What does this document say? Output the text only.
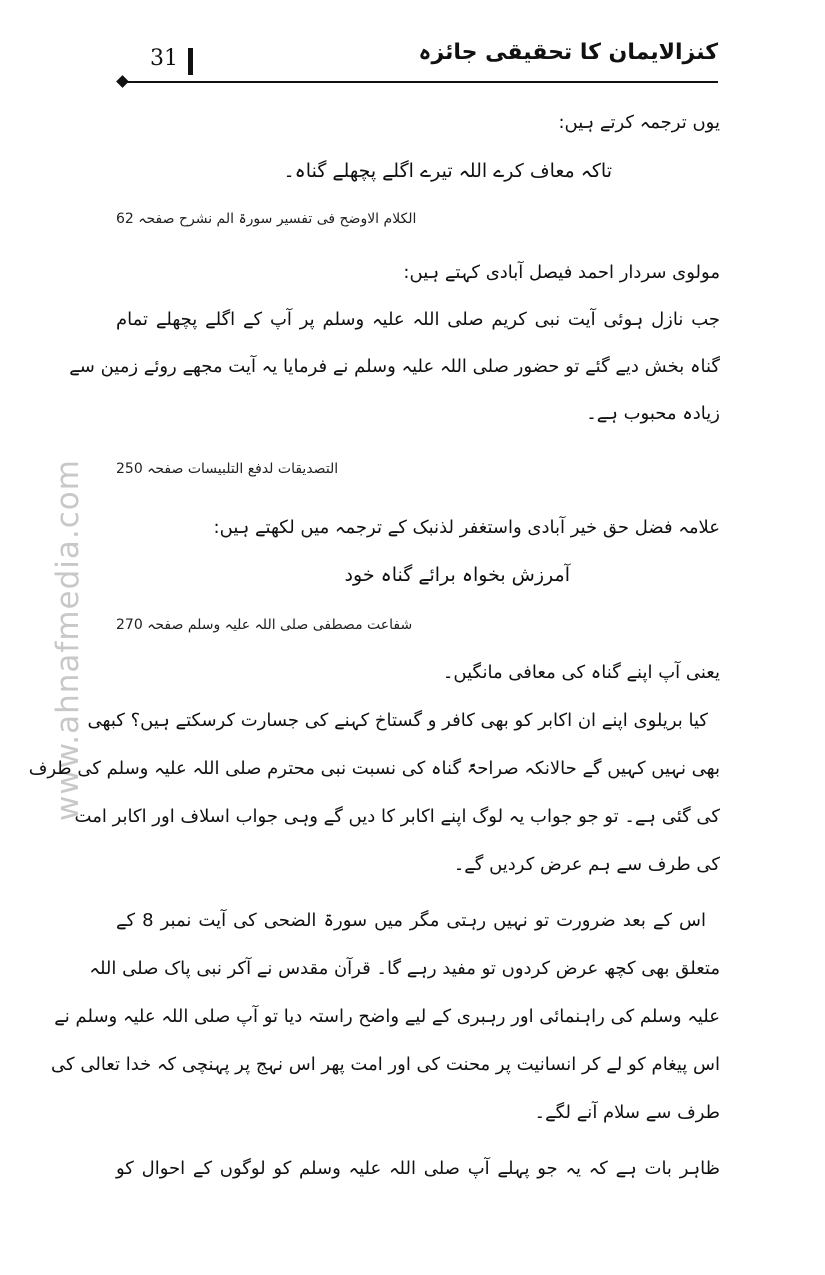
31	کنزالایمان کا تحقیقی جائزہ
www.ahnafmedia.com
یوں ترجمہ کرتے ہیں:
تاکہ معاف کرے اللہ تیرے اگلے پچھلے گناہ۔
الکلام الاوضح فی تفسیر سورۃ الم نشرح صفحہ 62
مولوی سردار احمد فیصل آبادی کہتے ہیں:
جب نازل ہوئی آیت نبی کریم صلی اللہ علیہ وسلم پر آپ کے اگلے پچھلے تمام
گناہ بخش دیے گئے تو حضور صلی اللہ علیہ وسلم نے فرمایا یہ آیت مجھے روئے زمین سے
زیادہ محبوب ہے۔
التصدیقات لدفع التلبیسات صفحہ 250
علامہ فضل حق خیر آبادی واستغفر لذنبک کے ترجمہ میں لکھتے ہیں:
آمرزش بخواہ برائے گناہ خود
شفاعت مصطفی صلی اللہ علیہ وسلم صفحہ 270
یعنی آپ اپنے گناہ کی معافی مانگیں۔
کیا بریلوی اپنے ان اکابر کو بھی کافر و گستاخ کہنے کی جسارت کرسکتے ہیں؟ کبھی
بھی نہیں کہیں گے حالانکہ صراحۃً گناہ کی نسبت نبی محترم صلی اللہ علیہ وسلم کی طرف
کی گئی ہے۔ تو جو جواب یہ لوگ اپنے اکابر کا دیں گے وہی جواب اسلاف اور اکابر امت
کی طرف سے ہم عرض کردیں گے۔
اس کے بعد ضرورت تو نہیں رہتی مگر میں سورۃ الضحی کی آیت نمبر 8 کے
متعلق بھی کچھ عرض کردوں تو مفید رہے گا۔ قرآن مقدس نے آکر نبی پاک صلی اللہ
علیہ وسلم کی راہنمائی اور رہبری کے لیے واضح راستہ دیا تو آپ صلی اللہ علیہ وسلم نے
اس پیغام کو لے کر انسانیت پر محنت کی اور امت پھر اس نہج پر پہنچی کہ خدا تعالی کی
طرف سے سلام آنے لگے۔
ظاہر بات ہے کہ یہ جو پہلے آپ صلی اللہ علیہ وسلم کو لوگوں کے احوال کو
